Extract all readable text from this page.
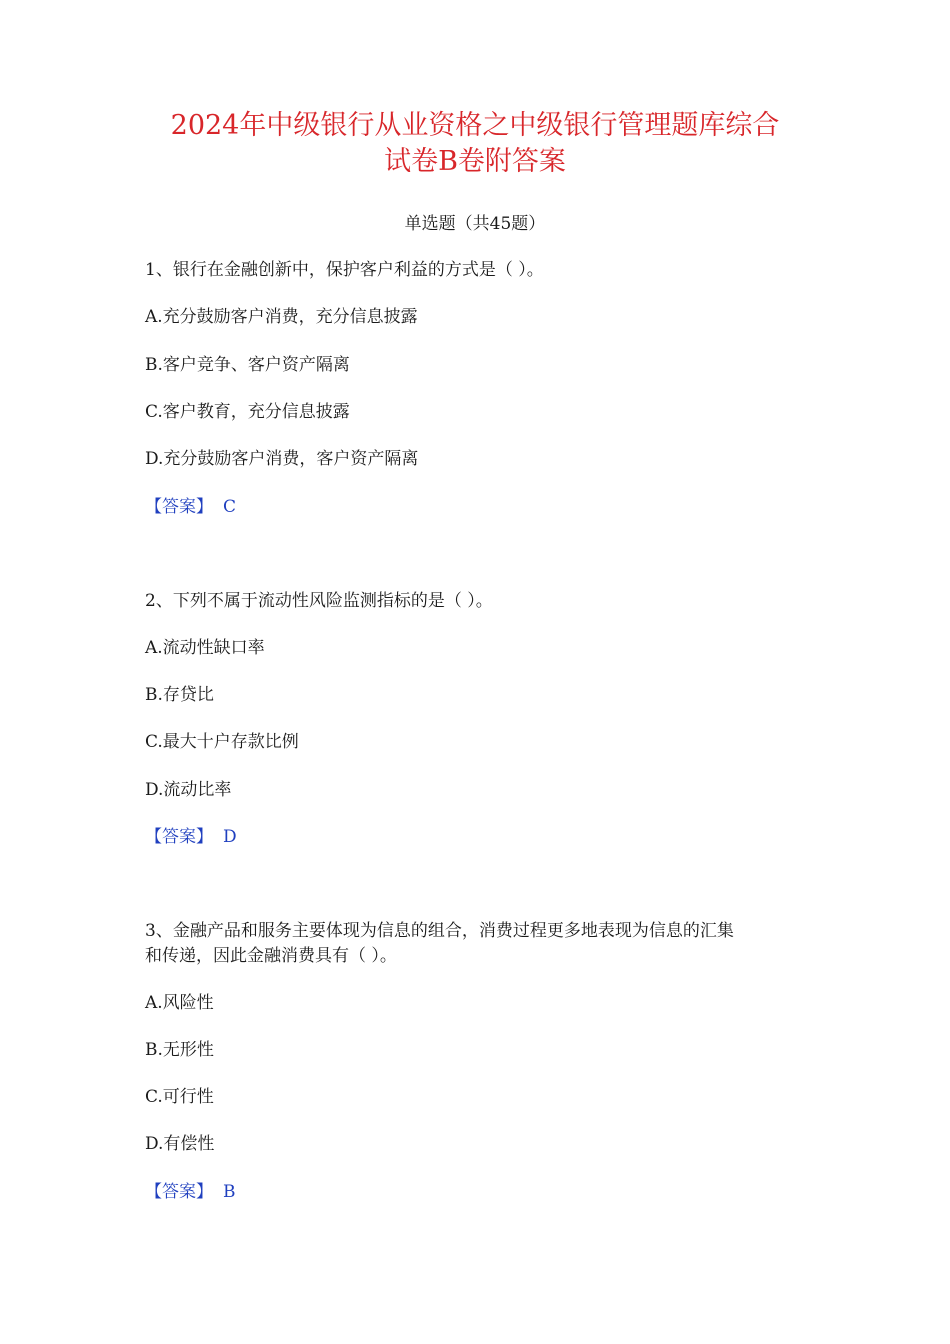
2024年中级银行从业资格之中级银行管理题库综合
试卷B卷附答案
单选题（共45题）
1、银行在金融创新中，保护客户利益的方式是（ ）。
A.充分鼓励客户消费，充分信息披露
B.客户竞争、客户资产隔离
C.客户教育，充分信息披露
D.充分鼓励客户消费，客户资产隔离
【答案】 C
2、下列不属于流动性风险监测指标的是（ ）。
A.流动性缺口率
B.存贷比
C.最大十户存款比例
D.流动比率
【答案】 D
3、金融产品和服务主要体现为信息的组合，消费过程更多地表现为信息的汇集
和传递，因此金融消费具有（ ）。
A.风险性
B.无形性
C.可行性
D.有偿性
【答案】 B
